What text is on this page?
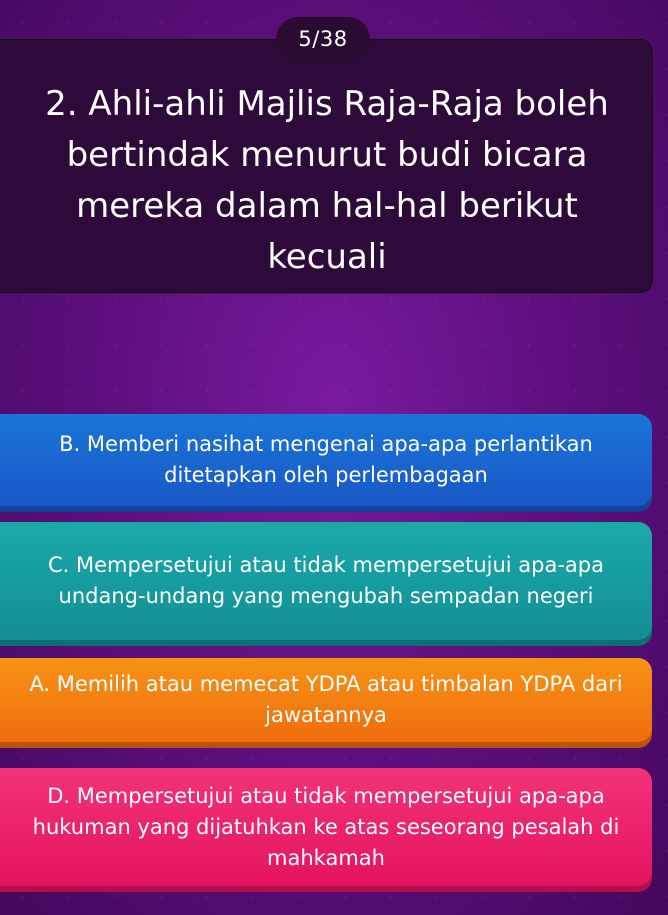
5/38

2. Ahli-ahli Majlis Raja-Raja boleh bertindak menurut budi bicara mereka dalam hal-hal berikut kecuali

B. Memberi nasihat mengenai apa-apa perlantikan ditetapkan oleh perlembagaan
C. Mempersetujui atau tidak mempersetujui apa-apa undang-undang yang mengubah sempadan negeri
A. Memilih atau memecat YDPA atau timbalan YDPA dari jawatannya
D. Mempersetujui atau tidak mempersetujui apa-apa hukuman yang dijatuhkan ke atas seseorang pesalah di mahkamah
